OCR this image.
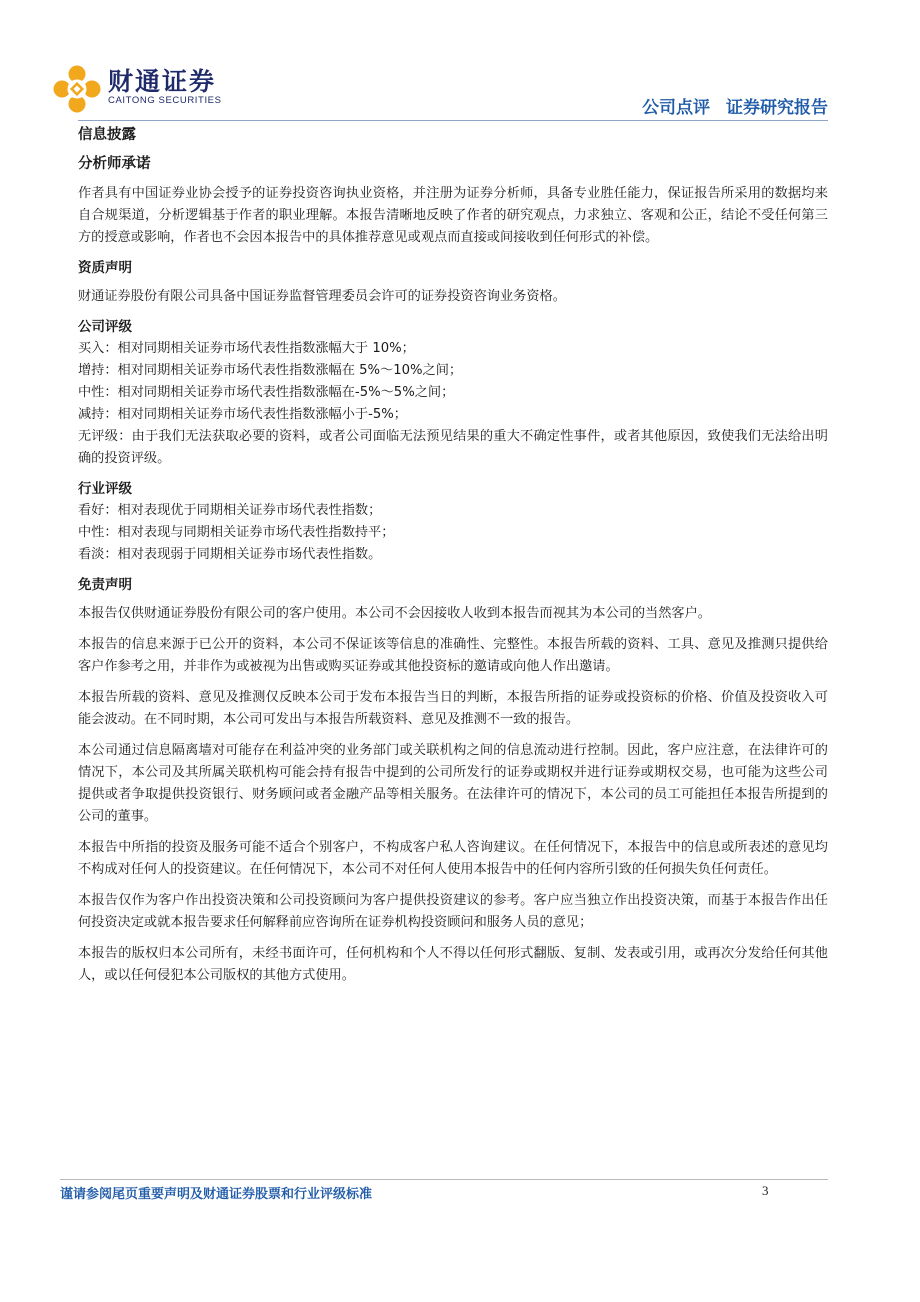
财通证券
CAITONG SECURITIES	公司点评 证券研究报告
信息披露
分析师承诺

作者具有中国证券业协会授予的证券投资咨询执业资格，并注册为证券分析师，具备专业胜任能力，保证报告所采用的数据均来自合规渠道，分析逻辑基于作者的职业理解。本报告清晰地反映了作者的研究观点，力求独立、客观和公正，结论不受任何第三方的授意或影响，作者也不会因本报告中的具体推荐意见或观点而直接或间接收到任何形式的补偿。

资质声明

财通证券股份有限公司具备中国证券监督管理委员会许可的证券投资咨询业务资格。

公司评级
买入：相对同期相关证券市场代表性指数涨幅大于 10%；
增持：相对同期相关证券市场代表性指数涨幅在 5%～10%之间；
中性：相对同期相关证券市场代表性指数涨幅在-5%～5%之间；
减持：相对同期相关证券市场代表性指数涨幅小于-5%；

无评级：由于我们无法获取必要的资料，或者公司面临无法预见结果的重大不确定性事件，或者其他原因，致使我们无法给出明确的投资评级。

行业评级
看好：相对表现优于同期相关证券市场代表性指数；
中性：相对表现与同期相关证券市场代表性指数持平；
看淡：相对表现弱于同期相关证券市场代表性指数。
免责声明

本报告仅供财通证券股份有限公司的客户使用。本公司不会因接收人收到本报告而视其为本公司的当然客户。

本报告的信息来源于已公开的资料，本公司不保证该等信息的准确性、完整性。本报告所载的资料、工具、意见及推测只提供给客户作参考之用，并非作为或被视为出售或购买证券或其他投资标的邀请或向他人作出邀请。

本报告所载的资料、意见及推测仅反映本公司于发布本报告当日的判断，本报告所指的证券或投资标的价格、价值及投资收入可能会波动。在不同时期，本公司可发出与本报告所载资料、意见及推测不一致的报告。

本公司通过信息隔离墙对可能存在利益冲突的业务部门或关联机构之间的信息流动进行控制。因此，客户应注意，在法律许可的情况下，本公司及其所属关联机构可能会持有报告中提到的公司所发行的证券或期权并进行证券或期权交易，也可能为这些公司提供或者争取提供投资银行、财务顾问或者金融产品等相关服务。在法律许可的情况下，本公司的员工可能担任本报告所提到的公司的董事。

本报告中所指的投资及服务可能不适合个别客户，不构成客户私人咨询建议。在任何情况下，本报告中的信息或所表述的意见均不构成对任何人的投资建议。在任何情况下，本公司不对任何人使用本报告中的任何内容所引致的任何损失负任何责任。

本报告仅作为客户作出投资决策和公司投资顾问为客户提供投资建议的参考。客户应当独立作出投资决策，而基于本报告作出任何投资决定或就本报告要求任何解释前应咨询所在证券机构投资顾问和服务人员的意见；

本报告的版权归本公司所有，未经书面许可，任何机构和个人不得以任何形式翻版、复制、发表或引用，或再次分发给任何其他人，或以任何侵犯本公司版权的其他方式使用。

谨请参阅尾页重要声明及财通证券股票和行业评级标准	3
